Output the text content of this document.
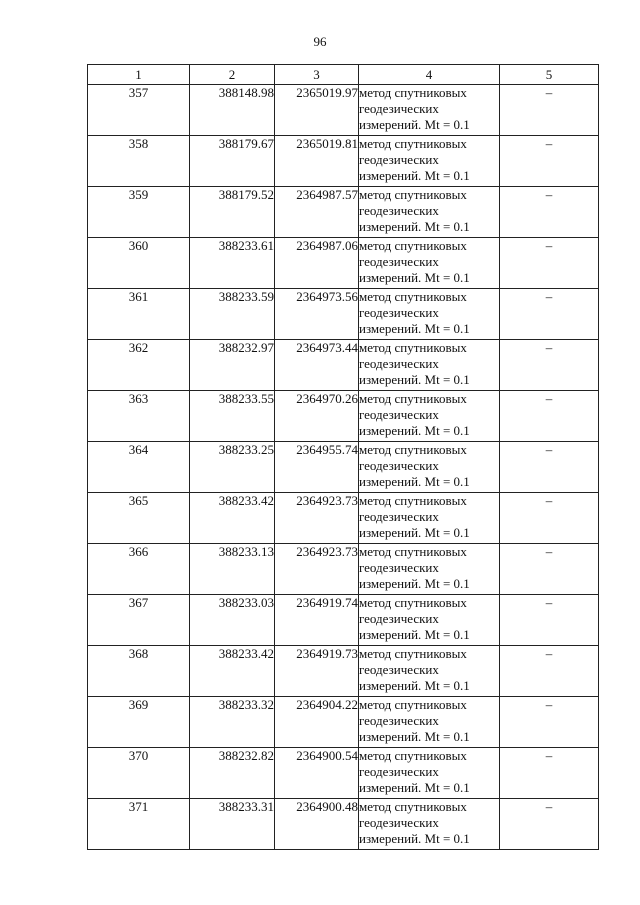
96
1	2	3	4	5
357	388148.98	2365019.97	метод спутниковых
геодезических
измерений. Mt = 0.1	–
358	388179.67	2365019.81	метод спутниковых
геодезических
измерений. Mt = 0.1	–
359	388179.52	2364987.57	метод спутниковых
геодезических
измерений. Mt = 0.1	–
360	388233.61	2364987.06	метод спутниковых
геодезических
измерений. Mt = 0.1	–
361	388233.59	2364973.56	метод спутниковых
геодезических
измерений. Mt = 0.1	–
362	388232.97	2364973.44	метод спутниковых
геодезических
измерений. Mt = 0.1	–
363	388233.55	2364970.26	метод спутниковых
геодезических
измерений. Mt = 0.1	–
364	388233.25	2364955.74	метод спутниковых
геодезических
измерений. Mt = 0.1	–
365	388233.42	2364923.73	метод спутниковых
геодезических
измерений. Mt = 0.1	–
366	388233.13	2364923.73	метод спутниковых
геодезических
измерений. Mt = 0.1	–
367	388233.03	2364919.74	метод спутниковых
геодезических
измерений. Mt = 0.1	–
368	388233.42	2364919.73	метод спутниковых
геодезических
измерений. Mt = 0.1	–
369	388233.32	2364904.22	метод спутниковых
геодезических
измерений. Mt = 0.1	–
370	388232.82	2364900.54	метод спутниковых
геодезических
измерений. Mt = 0.1	–
371	388233.31	2364900.48	метод спутниковых
геодезических
измерений. Mt = 0.1	–
